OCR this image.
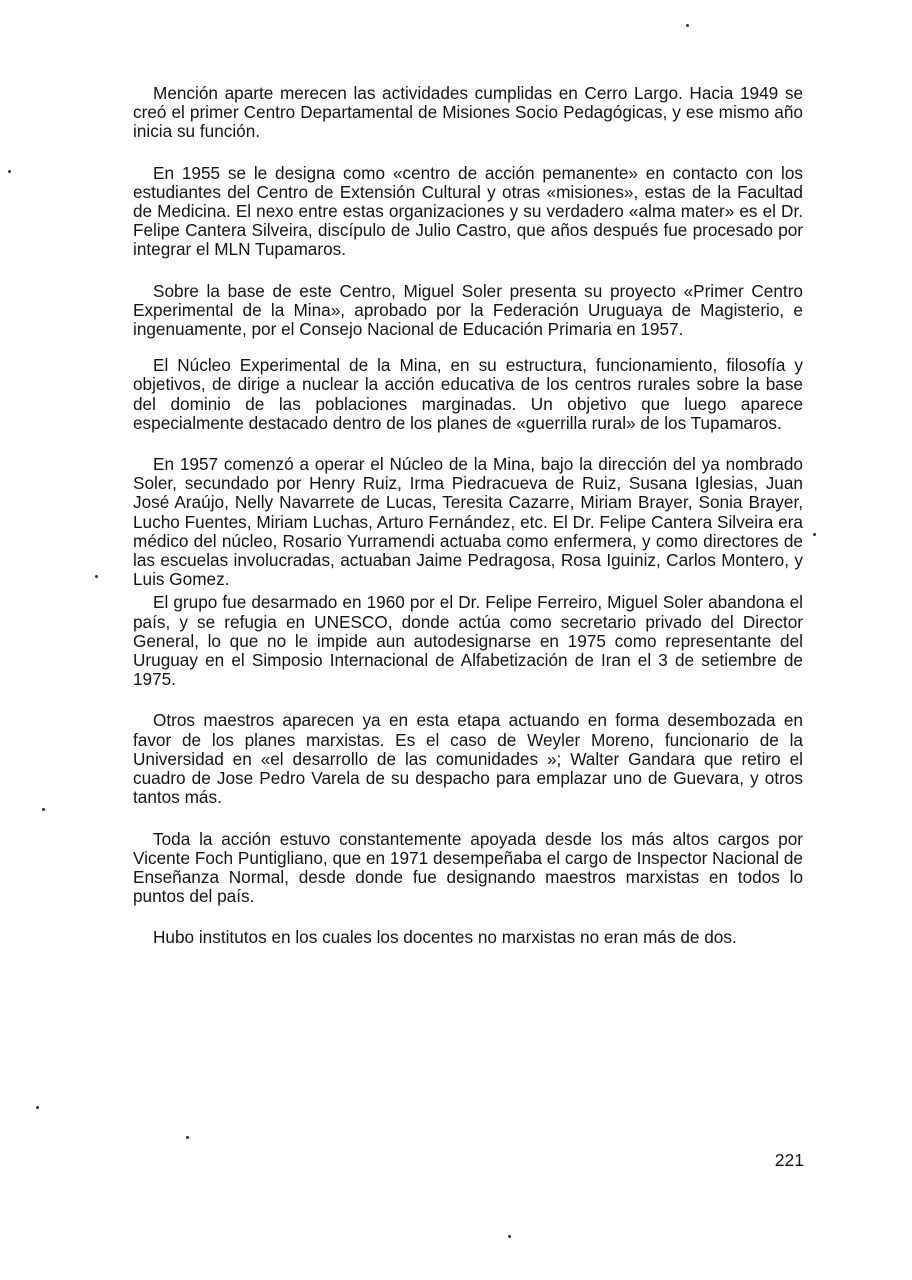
Mención aparte merecen las actividades cumplidas en Cerro Largo. Hacia 1949 se creó el primer Centro Departamental de Misiones Socio Pedagógicas, y ese mismo año inicia su función.

En 1955 se le designa como «centro de acción pemanente» en contacto con los estudiantes del Centro de Extensión Cultural y otras «misiones», estas de la Facultad de Medicina. El nexo entre estas organizaciones y su verdadero «alma mater» es el Dr. Felipe Cantera Silveira, discípulo de Julio Castro, que años después fue procesado por integrar el MLN Tupamaros.

Sobre la base de este Centro, Miguel Soler presenta su proyecto «Primer Centro Experimental de la Mina», aprobado por la Federación Uruguaya de Magisterio, e ingenuamente, por el Consejo Nacional de Educación Primaria en 1957.

El Núcleo Experimental de la Mina, en su estructura, funcionamiento, filosofía y objetivos, de dirige a nuclear la acción educativa de los centros rurales sobre la base del dominio de las poblaciones marginadas. Un objetivo que luego aparece especialmente destacado dentro de los planes de «guerrilla rural» de los Tupamaros.

En 1957 comenzó a operar el Núcleo de la Mina, bajo la dirección del ya nombrado Soler, secundado por Henry Ruiz, Irma Piedracueva de Ruiz, Susana Iglesias, Juan José Araújo, Nelly Navarrete de Lucas, Teresita Cazarre, Miriam Brayer, Sonia Brayer, Lucho Fuentes, Miriam Luchas, Arturo Fernández, etc. El Dr. Felipe Cantera Silveira era médico del núcleo, Rosario Yurramendi actuaba como enfermera, y como directores de las escuelas involucradas, actuaban Jaime Pedragosa, Rosa Iguiniz, Carlos Montero, y Luis Gomez.

El grupo fue desarmado en 1960 por el Dr. Felipe Ferreiro, Miguel Soler abandona el país, y se refugia en UNESCO, donde actúa como secretario privado del Director General, lo que no le impide aun autodesignarse en 1975 como representante del Uruguay en el Simposio Internacional de Alfabetización de Iran el 3 de setiembre de 1975.

Otros maestros aparecen ya en esta etapa actuando en forma desembozada en favor de los planes marxistas. Es el caso de Weyler Moreno, funcionario de la Universidad en «el desarrollo de las comunidades »; Walter Gandara que retiro el cuadro de Jose Pedro Varela de su despacho para emplazar uno de Guevara, y otros tantos más.

Toda la acción estuvo constantemente apoyada desde los más altos cargos por Vicente Foch Puntigliano, que en 1971 desempeñaba el cargo de Inspector Nacional de Enseñanza Normal, desde donde fue designando maestros marxistas en todos lo puntos del país.

Hubo institutos en los cuales los docentes no marxistas no eran más de dos.

221
